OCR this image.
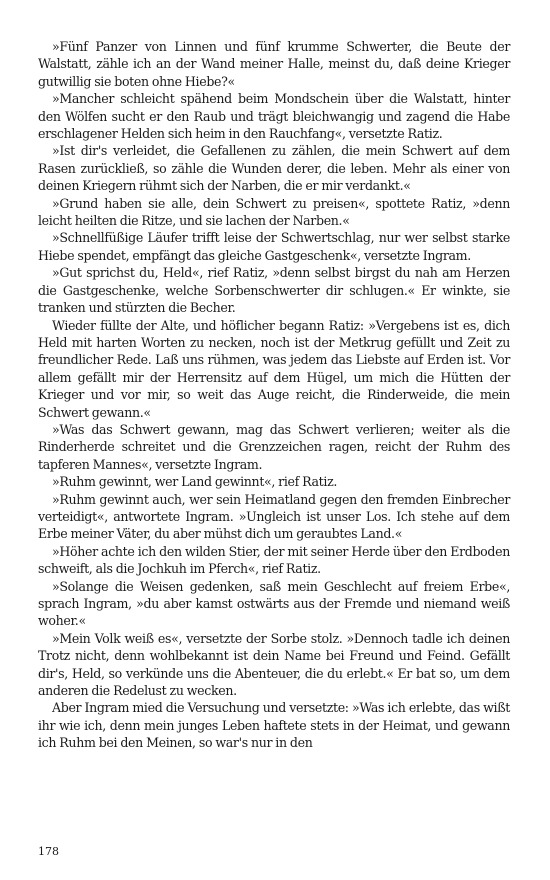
»Fünf Panzer von Linnen und fünf krumme Schwerter, die Beute der Walstatt, zähle ich an der Wand meiner Halle, meinst du, daß deine Krieger gutwillig sie boten ohne Hiebe?«

»Mancher schleicht spähend beim Mondschein über die Walstatt, hinter den Wölfen sucht er den Raub und trägt bleichwangig und zagend die Habe erschlagener Helden sich heim in den Rauchfang«, versetzte Ratiz.

»Ist dir's verleidet, die Gefallenen zu zählen, die mein Schwert auf dem Rasen zurückließ, so zähle die Wunden derer, die leben. Mehr als einer von deinen Kriegern rühmt sich der Narben, die er mir verdankt.«

»Grund haben sie alle, dein Schwert zu preisen«, spottete Ratiz, »denn leicht heilten die Ritze, und sie lachen der Narben.«

»Schnellfüßige Läufer trifft leise der Schwertschlag, nur wer selbst starke Hiebe spendet, empfängt das gleiche Gastgeschenk«, versetzte Ingram.

»Gut sprichst du, Held«, rief Ratiz, »denn selbst birgst du nah am Herzen die Gastgeschenke, welche Sorbenschwerter dir schlugen.« Er winkte, sie tranken und stürzten die Becher.

Wieder füllte der Alte, und höflicher begann Ratiz: »Vergebens ist es, dich Held mit harten Worten zu necken, noch ist der Metkrug gefüllt und Zeit zu freundlicher Rede. Laß uns rühmen, was jedem das Liebste auf Erden ist. Vor allem gefällt mir der Herrensitz auf dem Hügel, um mich die Hütten der Krieger und vor mir, so weit das Auge reicht, die Rinderweide, die mein Schwert gewann.«

»Was das Schwert gewann, mag das Schwert verlieren; weiter als die Rinderherde schreitet und die Grenzzeichen ragen, reicht der Ruhm des tapferen Mannes«, versetzte Ingram.

»Ruhm gewinnt, wer Land gewinnt«, rief Ratiz.

»Ruhm gewinnt auch, wer sein Heimatland gegen den fremden Einbrecher verteidigt«, antwortete Ingram. »Ungleich ist unser Los. Ich stehe auf dem Erbe meiner Väter, du aber mühst dich um geraubtes Land.«

»Höher achte ich den wilden Stier, der mit seiner Herde über den Erdboden schweift, als die Jochkuh im Pferch«, rief Ratiz.

»Solange die Weisen gedenken, saß mein Geschlecht auf freiem Erbe«, sprach Ingram, »du aber kamst ostwärts aus der Fremde und niemand weiß woher.«

»Mein Volk weiß es«, versetzte der Sorbe stolz. »Dennoch tadle ich deinen Trotz nicht, denn wohlbekannt ist dein Name bei Freund und Feind. Gefällt dir's, Held, so verkünde uns die Abenteuer, die du erlebt.« Er bat so, um dem anderen die Redelust zu wecken.

Aber Ingram mied die Versuchung und versetzte: »Was ich erlebte, das wißt ihr wie ich, denn mein junges Leben haftete stets in der Heimat, und gewann ich Ruhm bei den Meinen, so war's nur in den

178
